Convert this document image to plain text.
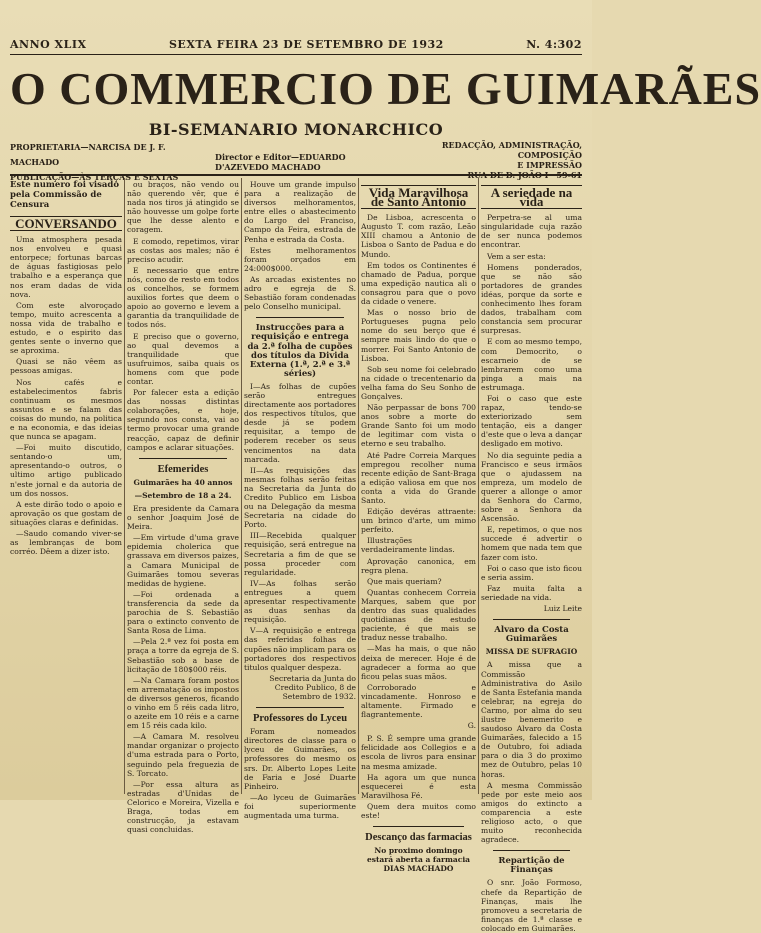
ANNO XLIX	SEXTA FEIRA 23 DE SETEMBRO DE 1932	N. 4:302
O COMMERCIO DE GUIMARÃES
BI-SEMANARIO MONARCHICO
PROPRIETARIA—NARCISA DE J. F. MACHADO
PUBLICAÇÃO—ÀS TERÇAS E SEXTAS
Director e Editor—EDUARDO D'AZEVEDO MACHADO
REDACÇÃO, ADMINISTRAÇÃO, COMPOSIÇÃO
E IMPRESSÃO
RUA DE D. JOÃO I—59-61
Este numero foi visado pela Commissão de Censura
CONVERSANDO

Uma atmosphera pesada nos envolveu e quasi entorpece; fortunas barcas de águas fastigiosas pelo trabalho e a esperança que nos eram dadas de vida nova.

Com este alvoroçado tempo, muito acrescenta a nossa vida de trabalho e estudo, e o espirito das gentes sente o inverno que se aproxima.

Quasi se não vêem as pessoas amigas.

Nos cafés e estabelecimentos fabris continuam os mesmos assuntos e se falam das coisas do mundo, na politica e na economia, e das ideias que nunca se apagam.

—Foi muito discutido, sentando-o um, apresentando-o outros, o ultimo artigo publicado n'este jornal e da autoria de um dos nossos.

A este dirão todo o apoio e aprovação os que gostam de situações claras e definidas.

—Saudo comando viver-se as lembranças de bom corréo. Dêem a dizer isto.

ou braços, não vendo ou não querendo vêr, que é nada nos tiros já atingido se não houvesse um golpe forte que lhe desse alento e coragem.

E comodo, repetimos, virar as costas aos males; não é preciso acudir.

E necessario que entre nós, como de resto em todos os concelhos, se formem auxilios fortes que deem o apoio ao governo e levem a garantia da tranquilidade de todos nós.

E preciso que o governo, ao qual devemos a tranquilidade que usufruimos, saiba quais os homens com que pode contar.

Por falecer esta a edição das nossas distintas colaborações, e hoje, segundo nos consta, vai ao termo provocar uma grande reacção, capaz de definir campos e aclarar situações.

Efemerides
Guimarães ha 40 annos
—Setembro de 18 a 24.

Era presidente da Camara o senhor Joaquim José de Meira.

—Em virtude d'uma grave epidemia cholerica que grassava em diversos paizes, a Camara Municipal de Guimarães tomou severas medidas de hygiene.

—Foi ordenada a transferencia da sede da parochia de S. Sebastião para o extincto convento de Santa Rosa de Lima.

—Pela 2.ª vez foi posta em praça a torre da egreja de S. Sebastião sob a base de licitação de 180$000 réis.

—Na Camara foram postos em arrematação os impostos de diversos generos, ficando o vinho em 5 réis cada litro, o azeite em 10 réis e a carne em 15 réis cada kilo.

—A Camara M. resolveu mandar organizar o projecto d'uma estrada para o Porto, seguindo pela freguezia de S. Torcato.

—Por essa altura as estradas d'Unidas de Celorico e Moreira, Vizella e Braga, todas em construcção, ja estavam quasi concluidas.

Houve um grande impulso para a realização de diversos melhoramentos, entre elles o abastecimento do Largo del Franciso, Campo da Feira, estrada de Penha e estrada da Costa.

Estes melhoramentos foram orçados em 24:000$000.

As arcadas existentes no adro e egreja de S. Sebastião foram condenadas pelo Conselho municipal.

Instrucções para a requisição e entrega da 2.ª folha de cupões dos títulos da Divida Externa (1.ª, 2.ª e 3.ª séries)

I—As folhas de cupões serão entregues directamente aos portadores dos respectivos títulos, que desde já se podem requisitar, a tempo de poderem receber os seus vencimentos na data marcada.

II—As requisições das mesmas folhas serão feitas na Secretaria da Junta do Credito Publico em Lisboa ou na Delegação da mesma Secretaria na cidade do Porto.

III—Recebida qualquer requisição, será entregue na Secretaria a fim de que se possa proceder com regularidade.

IV—As folhas serão entregues a quem apresentar respectivamente as duas senhas da requisição.

V—A requisição e entrega das referidas folhas de cupões não implicam para os portadores dos respectivos titulos qualquer despeza.

Secretaria da Junta do Credito Publico, 8 de Setembro de 1932.
Professores do Lyceu

Foram nomeados directores de classe para o lyceu de Guimarães, os professores do mesmo os srs. Dr. Alberto Lopes Leite de Faria e José Duarte Pinheiro.

—Ao lyceu de Guimarães foi superiormente augmentada uma turma.

Vida Maravilhosa de Santo Antonio

De Lisboa, acrescenta o Augusto T. com razão, Leão XIII chamou a Antonio de Lisboa o Santo de Padua e do Mundo.

Em todos os Continentes é chamado de Padua, porque uma expedição nautica ali o consagrou para que o povo da cidade o venere.

Mas o nosso brio de Portugueses pugna pelo nome do seu berço que é sempre mais lindo do que o morrer. Foi Santo Antonio de Lisboa.

Sob seu nome foi celebrado na cidade o trecentenario da velha fama do Seu Sonho de Gonçalves.

Não perpassar de bons 700 anos sobre a morte do Grande Santo foi um modo de legitimar com vista o eterno e seu trabalho.

Até Padre Correia Marques empregou recolher numa recente edição de Sant-Braga a edição valiosa em que nos conta a vida do Grande Santo.

Edição devéras attraente: um brinco d'arte, um mimo perfeito.

Illustrações verdadeiramente lindas.

Aprovação canonica, em regra plena.

Que mais queriam?

Quantas conhecem Correia Marques, sabem que por dentro das suas qualidades quotidianas de estudo paciente, é que mais se traduz nesse trabalho.

—Mas ha mais, o que não deixa de merecer. Hoje é de agradecer a forma ao que ficou pelas suas mãos.

Corroborado e vincadamente. Honroso e altamente. Firmado e flagrantemente.

G.

P. S. É sempre uma grande felicidade aos Collegios e a escola de livros para ensinar na mesma amizade.

Ha agora um que nunca esquecerei é esta Maravilhosa Fé.

Quem dera muitos como este!

Descanço das farmacias
No proximo domingo estará aberta a farmacia DIAS MACHADO
A seriedade na vida

Perpetra-se al uma singularidade cuja razão de ser nunca podemos encontrar.

Vem a ser esta:

Homens ponderados, que se não são portadores de grandes idéas, porque da sorte e conhecimento lhes foram dados, trabalham com constancia sem procurar surpresas.

E com ao mesmo tempo, com Democrito, o escarneio de se lembrarem como uma pinga a mais na estrumaga.

Foi o caso que este rapaz, tendo-se exteriorizado sem tentação, eis a danger d'este que o leva a dançar desligado em motivo.

No dia seguinte pedia a Francisco e seus irmãos que o ajudassem na empreza, um modelo de querer a allonge o amor da Senhora do Carmo, sobre a Senhora da Ascensão.

E, repetimos, o que nos succede é advertir o homem que nada tem que fazer com isto.

Foi o caso que isto ficou e seria assim.

Faz muita falta a seriedade na vida.

Luiz Leite
Alvaro da Costa Guimarães
MISSA DE SUFRAGIO

A missa que a Commissão Administrativa do Asilo de Santa Estefania manda celebrar, na egreja do Carmo, por alma do seu ilustre benemerito e saudoso Alvaro da Costa Guimarães, falecido a 15 de Outubro, foi adiada para o dia 3 do proximo mez de Outubro, pelas 10 horas.

A mesma Commissão pede por este meio aos amigos do extincto a comparencia a este religioso acto, o que muito reconhecida agradece.

Repartição de Finanças

O snr. João Formoso, chefe da Repartição de Finanças, mais lhe promoveu a secretaria de finanças de 1.ª classe e colocado em Guimarães.
